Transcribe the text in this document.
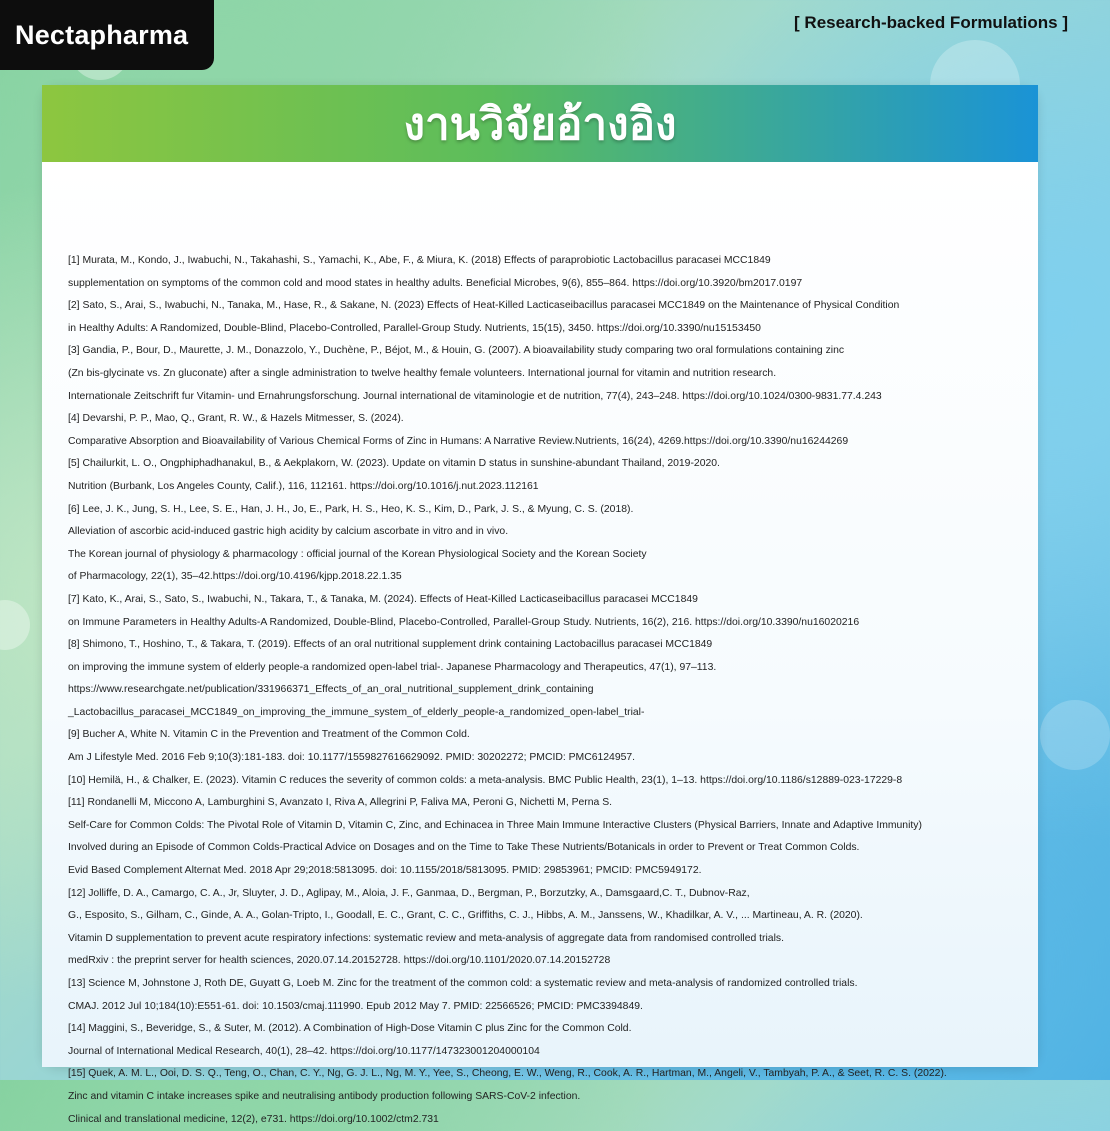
Nectapharma	[ Research-backed Formulations ]
งานวิจัยอ้างอิง
[1] Murata, M., Kondo, J., Iwabuchi, N., Takahashi, S., Yamachi, K., Abe, F., & Miura, K. (2018) Effects of paraprobiotic Lactobacillus paracasei MCC1849
supplementation on symptoms of the common cold and mood states in healthy adults. Beneficial Microbes, 9(6), 855–864. https://doi.org/10.3920/bm2017.0197
[2] Sato, S., Arai, S., Iwabuchi, N., Tanaka, M., Hase, R., & Sakane, N. (2023) Effects of Heat-Killed Lacticaseibacillus paracasei MCC1849 on the Maintenance of Physical Condition
in Healthy Adults: A Randomized, Double-Blind, Placebo-Controlled, Parallel-Group Study. Nutrients, 15(15), 3450. https://doi.org/10.3390/nu15153450
[3] Gandia, P., Bour, D., Maurette, J. M., Donazzolo, Y., Duchène, P., Béjot, M., & Houin, G. (2007). A bioavailability study comparing two oral formulations containing zinc
(Zn bis-glycinate vs. Zn gluconate) after a single administration to twelve healthy female volunteers. International journal for vitamin and nutrition research.
Internationale Zeitschrift fur Vitamin- und Ernahrungsforschung. Journal international de vitaminologie et de nutrition, 77(4), 243–248. https://doi.org/10.1024/0300-9831.77.4.243
[4] Devarshi, P. P., Mao, Q., Grant, R. W., & Hazels Mitmesser, S. (2024).
Comparative Absorption and Bioavailability of Various Chemical Forms of Zinc in Humans: A Narrative Review.Nutrients, 16(24), 4269.https://doi.org/10.3390/nu16244269
[5] Chailurkit, L. O., Ongphiphadhanakul, B., & Aekplakorn, W. (2023). Update on vitamin D status in sunshine-abundant Thailand, 2019-2020.
Nutrition (Burbank, Los Angeles County, Calif.), 116, 112161. https://doi.org/10.1016/j.nut.2023.112161
[6] Lee, J. K., Jung, S. H., Lee, S. E., Han, J. H., Jo, E., Park, H. S., Heo, K. S., Kim, D., Park, J. S., & Myung, C. S. (2018).
Alleviation of ascorbic acid-induced gastric high acidity by calcium ascorbate in vitro and in vivo.
The Korean journal of physiology & pharmacology : official journal of the Korean Physiological Society and the Korean Society
of Pharmacology, 22(1), 35–42.https://doi.org/10.4196/kjpp.2018.22.1.35
[7] Kato, K., Arai, S., Sato, S., Iwabuchi, N., Takara, T., & Tanaka, M. (2024). Effects of Heat-Killed Lacticaseibacillus paracasei MCC1849
on Immune Parameters in Healthy Adults-A Randomized, Double-Blind, Placebo-Controlled, Parallel-Group Study. Nutrients, 16(2), 216. https://doi.org/10.3390/nu16020216
[8] Shimono, T., Hoshino, T., & Takara, T. (2019). Effects of an oral nutritional supplement drink containing Lactobacillus paracasei MCC1849
on improving the immune system of elderly people-a randomized open-label trial-. Japanese Pharmacology and Therapeutics, 47(1), 97–113.
https://www.researchgate.net/publication/331966371_Effects_of_an_oral_nutritional_supplement_drink_containing
_Lactobacillus_paracasei_MCC1849_on_improving_the_immune_system_of_elderly_people-a_randomized_open-label_trial-
[9] Bucher A, White N. Vitamin C in the Prevention and Treatment of the Common Cold.
Am J Lifestyle Med. 2016 Feb 9;10(3):181-183. doi: 10.1177/1559827616629092. PMID: 30202272; PMCID: PMC6124957.
[10] Hemilä, H., & Chalker, E. (2023). Vitamin C reduces the severity of common colds: a meta-analysis. BMC Public Health, 23(1), 1–13. https://doi.org/10.1186/s12889-023-17229-8
[11] Rondanelli M, Miccono A, Lamburghini S, Avanzato I, Riva A, Allegrini P, Faliva MA, Peroni G, Nichetti M, Perna S.
Self-Care for Common Colds: The Pivotal Role of Vitamin D, Vitamin C, Zinc, and Echinacea in Three Main Immune Interactive Clusters (Physical Barriers, Innate and Adaptive Immunity)
Involved during an Episode of Common Colds-Practical Advice on Dosages and on the Time to Take These Nutrients/Botanicals in order to Prevent or Treat Common Colds.
Evid Based Complement Alternat Med. 2018 Apr 29;2018:5813095. doi: 10.1155/2018/5813095. PMID: 29853961; PMCID: PMC5949172.
[12] Jolliffe, D. A., Camargo, C. A., Jr, Sluyter, J. D., Aglipay, M., Aloia, J. F., Ganmaa, D., Bergman, P., Borzutzky, A., Damsgaard,C. T., Dubnov-Raz,
G., Esposito, S., Gilham, C., Ginde, A. A., Golan-Tripto, I., Goodall, E. C., Grant, C. C., Griffiths, C. J., Hibbs, A. M., Janssens, W., Khadilkar, A. V., ... Martineau, A. R. (2020).
Vitamin D supplementation to prevent acute respiratory infections: systematic review and meta-analysis of aggregate data from randomised controlled trials.
medRxiv : the preprint server for health sciences, 2020.07.14.20152728. https://doi.org/10.1101/2020.07.14.20152728
[13] Science M, Johnstone J, Roth DE, Guyatt G, Loeb M. Zinc for the treatment of the common cold: a systematic review and meta-analysis of randomized controlled trials.
CMAJ. 2012 Jul 10;184(10):E551-61. doi: 10.1503/cmaj.111990. Epub 2012 May 7. PMID: 22566526; PMCID: PMC3394849.
[14] Maggini, S., Beveridge, S., & Suter, M. (2012). A Combination of High-Dose Vitamin C plus Zinc for the Common Cold.
Journal of International Medical Research, 40(1), 28–42. https://doi.org/10.1177/147323001204000104
[15] Quek, A. M. L., Ooi, D. S. Q., Teng, O., Chan, C. Y., Ng, G. J. L., Ng, M. Y., Yee, S., Cheong, E. W., Weng, R., Cook, A. R., Hartman, M., Angeli, V., Tambyah, P. A., & Seet, R. C. S. (2022).
Zinc and vitamin C intake increases spike and neutralising antibody production following SARS-CoV-2 infection.
Clinical and translational medicine, 12(2), e731. https://doi.org/10.1002/ctm2.731
